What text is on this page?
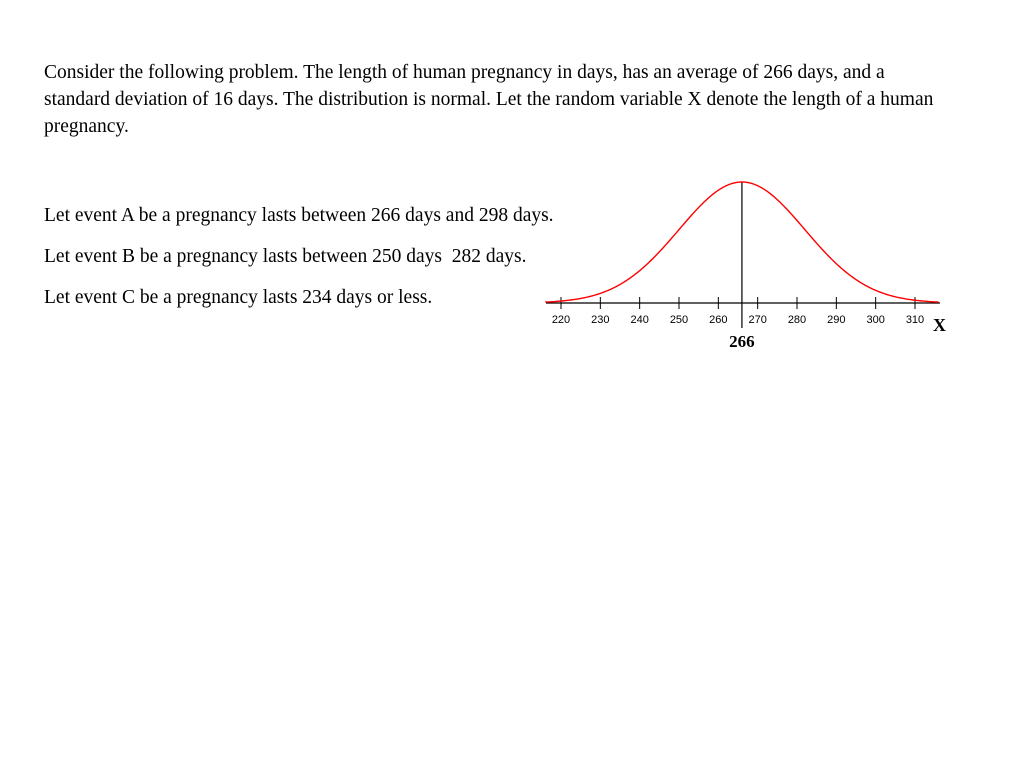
Consider the following problem. The length of human pregnancy in days, has an average of 266 days, and a standard deviation of 16 days. The distribution is normal. Let the random variable X denote the length of a human pregnancy.

Let event A be a pregnancy lasts between 266 days and 298 days.

Let event B be a pregnancy lasts between 250 days  282 days.

Let event C be a pregnancy lasts 234 days or less.

220 230 240 250 260 270 280 290 300 310
266
X
